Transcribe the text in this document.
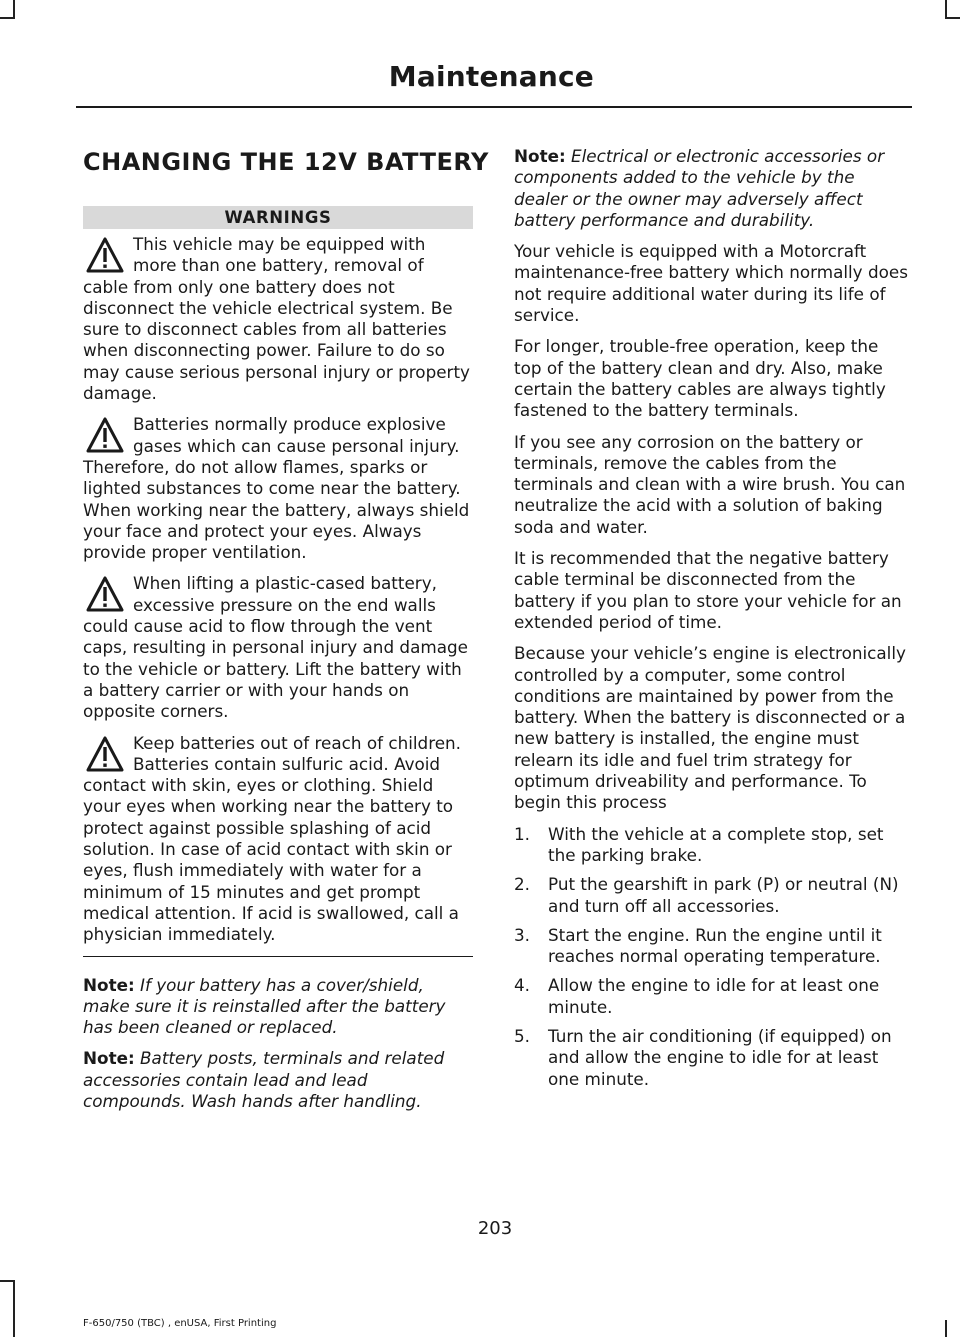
Maintenance
CHANGING THE 12V BATTERY
WARNINGS
This vehicle may be equipped with more than one battery, removal of cable from only one battery does not disconnect the vehicle electrical system. Be sure to disconnect cables from all batteries when disconnecting power. Failure to do so may cause serious personal injury or property damage.
Batteries normally produce explosive gases which can cause personal injury. Therefore, do not allow flames, sparks or lighted substances to come near the battery. When working near the battery, always shield your face and protect your eyes. Always provide proper ventilation.
When lifting a plastic-cased battery, excessive pressure on the end walls could cause acid to flow through the vent caps, resulting in personal injury and damage to the vehicle or battery. Lift the battery with a battery carrier or with your hands on opposite corners.
Keep batteries out of reach of children. Batteries contain sulfuric acid. Avoid contact with skin, eyes or clothing. Shield your eyes when working near the battery to protect against possible splashing of acid solution. In case of acid contact with skin or eyes, flush immediately with water for a minimum of 15 minutes and get prompt medical attention. If acid is swallowed, call a physician immediately.

Note: If your battery has a cover/shield, make sure it is reinstalled after the battery has been cleaned or replaced.

Note: Battery posts, terminals and related accessories contain lead and lead compounds. Wash hands after handling.

Note: Electrical or electronic accessories or components added to the vehicle by the dealer or the owner may adversely affect battery performance and durability.

Your vehicle is equipped with a Motorcraft maintenance-free battery which normally does not require additional water during its life of service.

For longer, trouble-free operation, keep the top of the battery clean and dry. Also, make certain the battery cables are always tightly fastened to the battery terminals.

If you see any corrosion on the battery or terminals, remove the cables from the terminals and clean with a wire brush. You can neutralize the acid with a solution of baking soda and water.

It is recommended that the negative battery cable terminal be disconnected from the battery if you plan to store your vehicle for an extended period of time.

Because your vehicle’s engine is electronically controlled by a computer, some control conditions are maintained by power from the battery. When the battery is disconnected or a new battery is installed, the engine must relearn its idle and fuel trim strategy for optimum driveability and performance. To begin this process

1. With the vehicle at a complete stop, set the parking brake.
2. Put the gearshift in park (P) or neutral (N) and turn off all accessories.
3. Start the engine. Run the engine until it reaches normal operating temperature.
4. Allow the engine to idle for at least one minute.
5. Turn the air conditioning (if equipped) on and allow the engine to idle for at least one minute.
203
F-650/750 (TBC) , enUSA, First Printing
